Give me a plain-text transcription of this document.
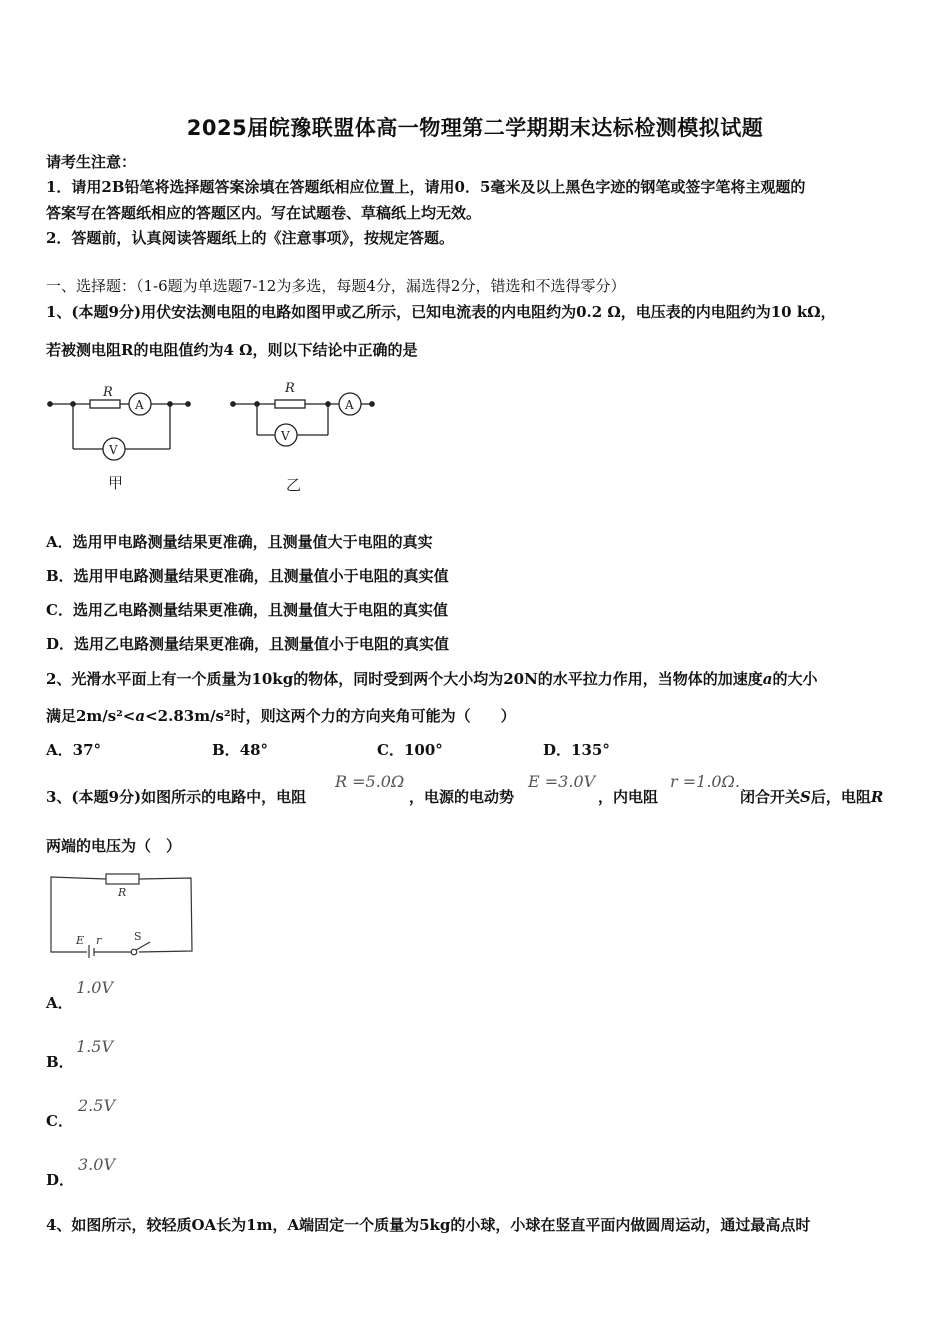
2025届皖豫联盟体高一物理第二学期期末达标检测模拟试题
请考生注意：
1．请用2B铅笔将选择题答案涂填在答题纸相应位置上，请用0．5毫米及以上黑色字迹的钢笔或签字笔将主观题的
答案写在答题纸相应的答题区内。写在试题卷、草稿纸上均无效。
2．答题前，认真阅读答题纸上的《注意事项》，按规定答题。
一、选择题：（1-6题为单选题7-12为多选，每题4分，漏选得2分，错选和不选得零分）
1、(本题9分)用伏安法测电阻的电路如图甲或乙所示，已知电流表的内电阻约为0.2 Ω，电压表的内电阻约为10 kΩ，
若被测电阻R的电阻值约为4 Ω，则以下结论中正确的是
R
A
V
甲
R
A
V
乙
A．选用甲电路测量结果更准确，且测量值大于电阻的真实
B．选用甲电路测量结果更准确，且测量值小于电阻的真实值
C．选用乙电路测量结果更准确，且测量值大于电阻的真实值
D．选用乙电路测量结果更准确，且测量值小于电阻的真实值
2、光滑水平面上有一个质量为10kg的物体，同时受到两个大小均为20N的水平拉力作用，当物体的加速度a的大小
满足2m/s²<a<2.83m/s²时，则这两个力的方向夹角可能为（　　）
A．37°	B．48°	C．100°	D．135°
3、(本题9分)如图所示的电路中，电阻
R =5.0Ω
，电源的电动势
E =3.0V
，内电阻
r =1.0Ω.
闭合开关S后，电阻R
两端的电压为（　）
R
E r	S
A．
1.0V
B．
1.5V
C．
2.5V
D．
3.0V
4、如图所示，较轻质OA长为1m，A端固定一个质量为5kg的小球，小球在竖直平面内做圆周运动，通过最高点时
